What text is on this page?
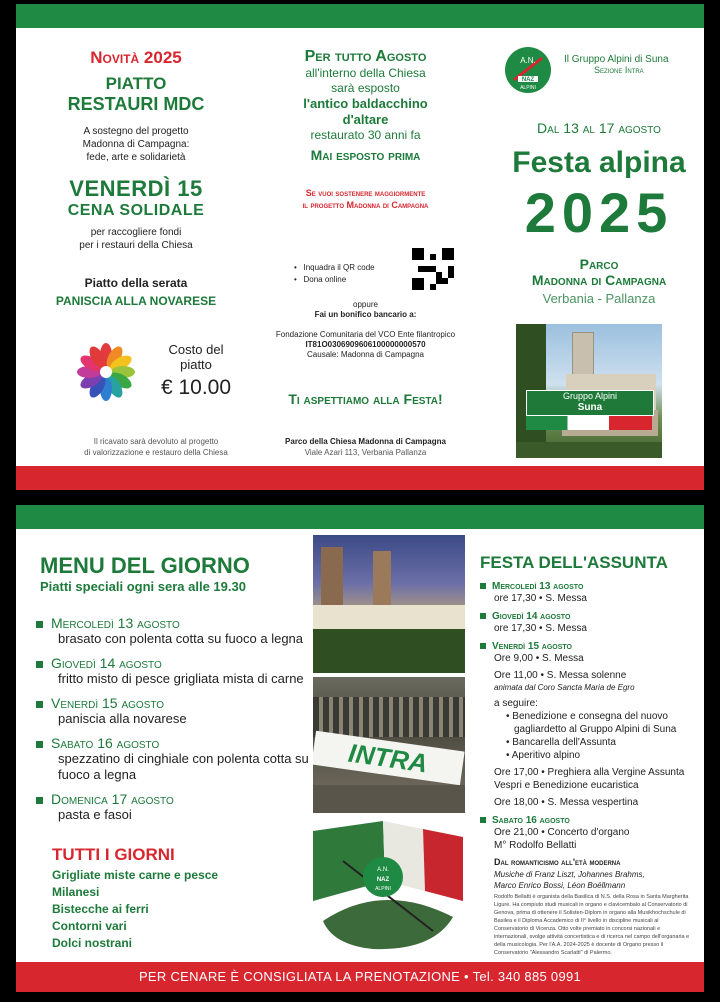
Novità 2025
PIATTO
RESTAURI MDC
A sostegno del progetto
Madonna di Campagna:
fede, arte e solidarietà
VENERDÌ 15
CENA SOLIDALE
per raccogliere fondi
per i restauri della Chiesa
Piatto della serata
PANISCIA ALLA NOVARESE
Costo del
piatto
€ 10.00
Il ricavato sarà devoluto al progetto
di valorizzazione e restauro della Chiesa
Per tutto Agosto
all'interno della Chiesa
sarà esposto
l'antico baldacchino
d'altare
restaurato 30 anni fa
Mai esposto prima
Se vuoi sostenere maggiormente
il progetto Madonna di Campagna
•   Inquadra il QR code
•   Dona online
oppure
Fai un bonifico bancario a:
Fondazione Comunitaria del VCO Ente filantropico
IT81O0306909606100000000570
Causale: Madonna di Campagna
Ti aspettiamo alla Festa!
Parco della Chiesa Madonna di Campagna
Viale Azari 113, Verbania Pallanza
A.N.
NAZ
ALPINI
Il Gruppo Alpini di Suna
Sezione Intra
Dal 13 al 17 agosto
Festa alpina
2025
Parco
Madonna di Campagna
Verbania - Pallanza
Gruppo Alpini
Suna
PER CENARE È CONSIGLIATA LA PRENOTAZIONE • Tel. 340 885 0991
MENU DEL GIORNO
Piatti speciali ogni sera alle 19.30
Mercoledì 13 agosto
brasato con polenta cotta su fuoco a legna
Giovedì 14 agosto
fritto misto di pesce grigliata mista di carne
Venerdì 15 agosto
paniscia alla novarese
Sabato 16 agosto
spezzatino di cinghiale con polenta cotta su
fuoco a legna
Domenica 17 agosto
pasta e fasoi
TUTTI I GIORNI
Grigliate miste carne e pesce
Milanesi
Bistecche ai ferri
Contorni vari
Dolci nostrani
INTRA
A.N.
NAZ
ALPINI
FESTA DELL'ASSUNTA
Mercoledì 13 agosto
ore 17,30 • S. Messa
Giovedì 14 agosto
ore 17,30 • S. Messa
Venerdì 15 agosto
Ore 9,00 • S. Messa
Ore 11,00 • S. Messa solenne
animata dal Coro Sancta Maria de Egro
a seguire:
• Benedizione e consegna del nuovo
gagliardetto al Gruppo Alpini di Suna
• Bancarella dell'Assunta
• Aperitivo alpino
Ore 17,00 • Preghiera alla Vergine Assunta
Vespri e Benedizione eucaristica
Ore 18,00 • S. Messa vespertina
Sabato 16 agosto
Ore 21,00 • Concerto d'organo
M° Rodolfo Bellatti
Dal romanticismo all'età moderna
Musiche di Franz Liszt, Johannes Brahms,
Marco Enrico Bossi, Léon Boëllmann
Rodolfo Bellatti è organista della Basilica di N.S. della Rosa in Santa Margherita Ligure. Ha compiuto studi musicali in organo e clavicembalo al Conservatorio di Genova, prima di ottenere il Solisten-Diplom in organo alla Musikhochschule di Basilea e il Diploma Accademico di II° livello in discipline musicali al Conservatorio di Vicenza. Otto volte premiato in concorsi nazionali e internazionali, svolge attività concertistica e di ricerca nel campo dell'organaria e della musicologia. Per l'A.A. 2024-2025 è docente di Organo presso il Conservatorio "Alessandro Scarlatti" di Palermo.
